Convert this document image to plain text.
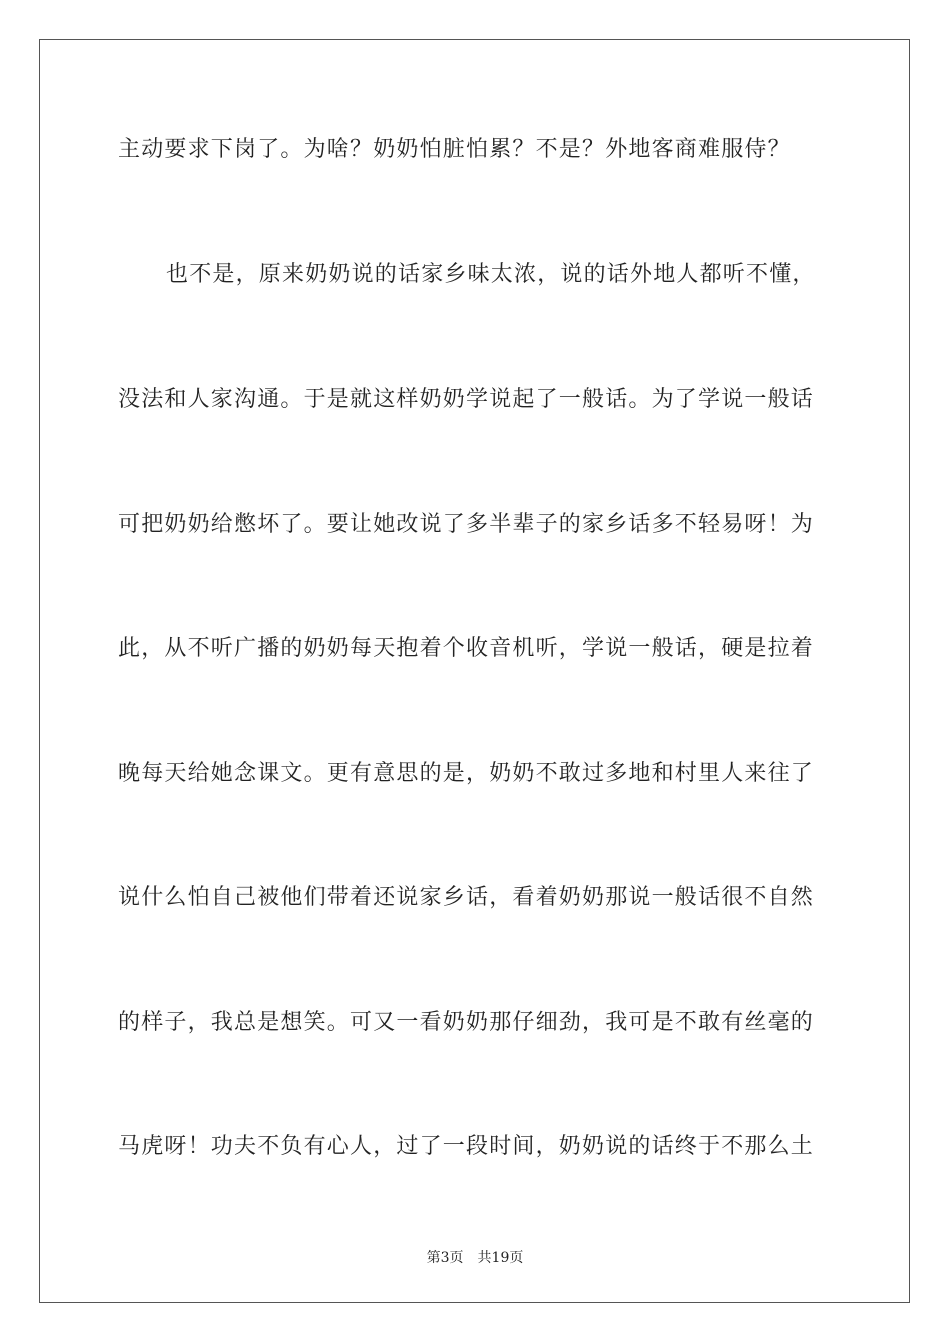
主动要求下岗了。为啥？奶奶怕脏怕累？不是？外地客商难服侍？
也不是，原来奶奶说的话家乡味太浓，说的话外地人都听不懂，
没法和人家沟通。于是就这样奶奶学说起了一般话。为了学说一般话
可把奶奶给憋坏了。要让她改说了多半辈子的家乡话多不轻易呀！为
此，从不听广播的奶奶每天抱着个收音机听，学说一般话，硬是拉着
晚每天给她念课文。更有意思的是，奶奶不敢过多地和村里人来往了
说什么怕自己被他们带着还说家乡话，看着奶奶那说一般话很不自然
的样子，我总是想笑。可又一看奶奶那仔细劲，我可是不敢有丝毫的
马虎呀！功夫不负有心人，过了一段时间，奶奶说的话终于不那么土
第3页 共19页
